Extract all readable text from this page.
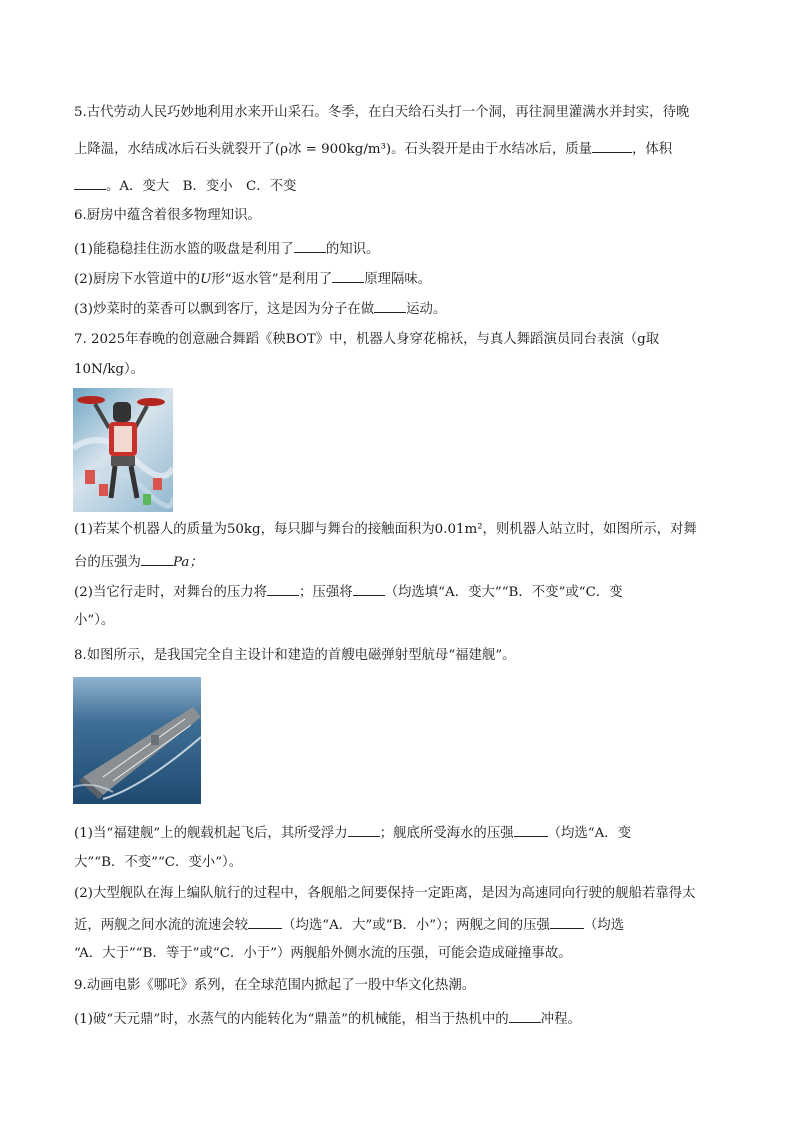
5.古代劳动人民巧妙地利用水来开山采石。冬季，在白天给石头打一个洞，再往洞里灌满水并封实，待晚
上降温，水结成冰后石头就裂开了(ρ冰 = 900kg/m³)。石头裂开是由于水结冰后，质量	，体积
。A．变大　B．变小　C．不变
6.厨房中蕴含着很多物理知识。
(1)能稳稳挂住沥水篮的吸盘是利用了 的知识。
(2)厨房下水管道中的U形“返水管”是利用了 原理隔味。
(3)炒菜时的菜香可以飘到客厅，这是因为分子在做 运动。
7. 2025年春晚的创意融合舞蹈《秧BOT》中，机器人身穿花棉袄，与真人舞蹈演员同台表演（g取
10N/kg）。
(1)若某个机器人的质量为50kg，每只脚与舞台的接触面积为0.01m²，则机器人站立时，如图所示，对舞
台的压强为 Pa；
(2)当它行走时，对舞台的压力将 ；压强将 （均选填“A．变大”“B．不变”或“C．变
小”）。
8.如图所示，是我国完全自主设计和建造的首艘电磁弹射型航母“福建舰”。
(1)当“福建舰”上的舰载机起飞后，其所受浮力 ；舰底所受海水的压强	（均选“A．变
大”“B．不变”“C．变小”）。
(2)大型舰队在海上编队航行的过程中，各舰船之间要保持一定距离，是因为高速同向行驶的舰船若靠得太
近，两舰之间水流的流速会较	（均选“A．大”或“B．小”）；两舰之间的压强	（均选
“A．大于”“B．等于”或“C．小于”）两舰船外侧水流的压强，可能会造成碰撞事故。
9.动画电影《哪吒》系列，在全球范围内掀起了一股中华文化热潮。
(1)破“天元鼎”时，水蒸气的内能转化为“鼎盖”的机械能，相当于热机中的 冲程。
